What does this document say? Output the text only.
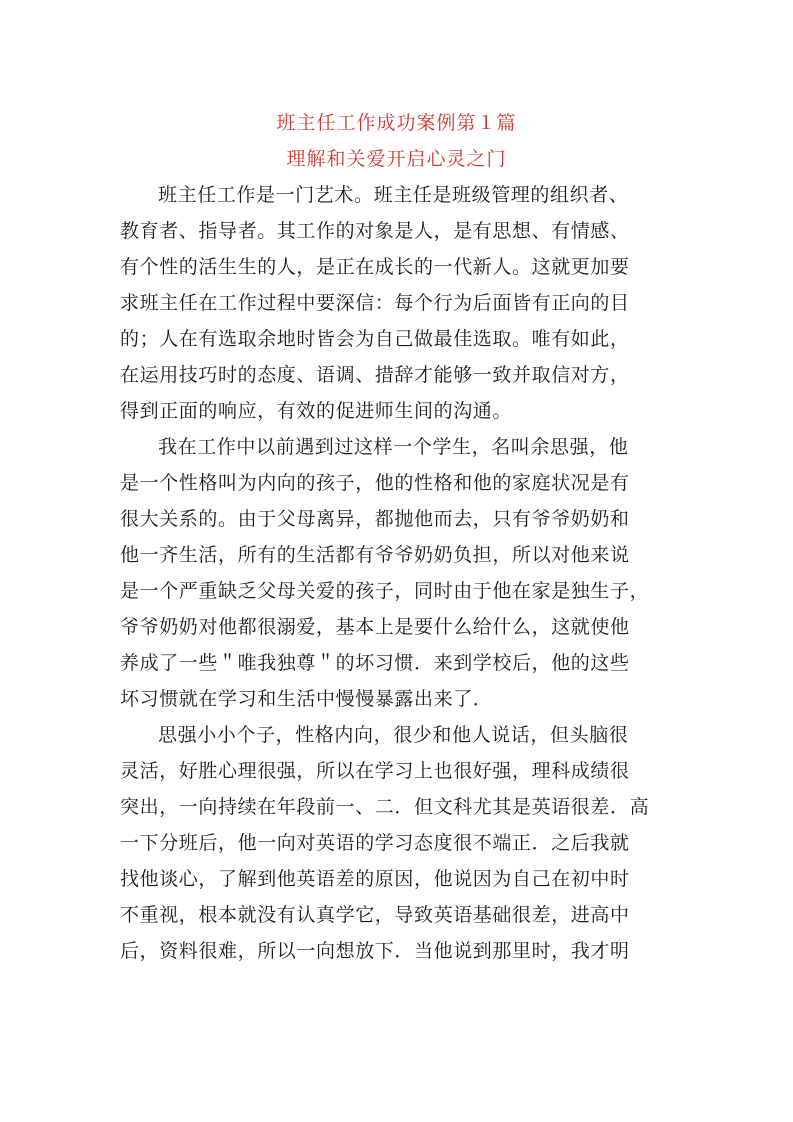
班主任工作成功案例第１篇
理解和关爱开启心灵之门
班主任工作是一门艺术。班主任是班级管理的组织者、
教育者、指导者。其工作的对象是人，是有思想、有情感、
有个性的活生生的人，是正在成长的一代新人。这就更加要
求班主任在工作过程中要深信：每个行为后面皆有正向的目
的；人在有选取余地时皆会为自己做最佳选取。唯有如此，
在运用技巧时的态度、语调、措辞才能够一致并取信对方，
得到正面的响应，有效的促进师生间的沟通。
我在工作中以前遇到过这样一个学生，名叫余思强，他
是一个性格叫为内向的孩子，他的性格和他的家庭状况是有
很大关系的。由于父母离异，都抛他而去，只有爷爷奶奶和
他一齐生活，所有的生活都有爷爷奶奶负担，所以对他来说
是一个严重缺乏父母关爱的孩子，同时由于他在家是独生子，
爷爷奶奶对他都很溺爱，基本上是要什么给什么，这就使他
养成了一些＂唯我独尊＂的坏习惯．来到学校后，他的这些
坏习惯就在学习和生活中慢慢暴露出来了．
思强小小个子，性格内向，很少和他人说话，但头脑很
灵活，好胜心理很强，所以在学习上也很好强，理科成绩很
突出，一向持续在年段前一、二．但文科尤其是英语很差．高
一下分班后，他一向对英语的学习态度很不端正．之后我就
找他谈心，了解到他英语差的原因，他说因为自己在初中时
不重视，根本就没有认真学它，导致英语基础很差，进高中
后，资料很难，所以一向想放下．当他说到那里时，我才明
